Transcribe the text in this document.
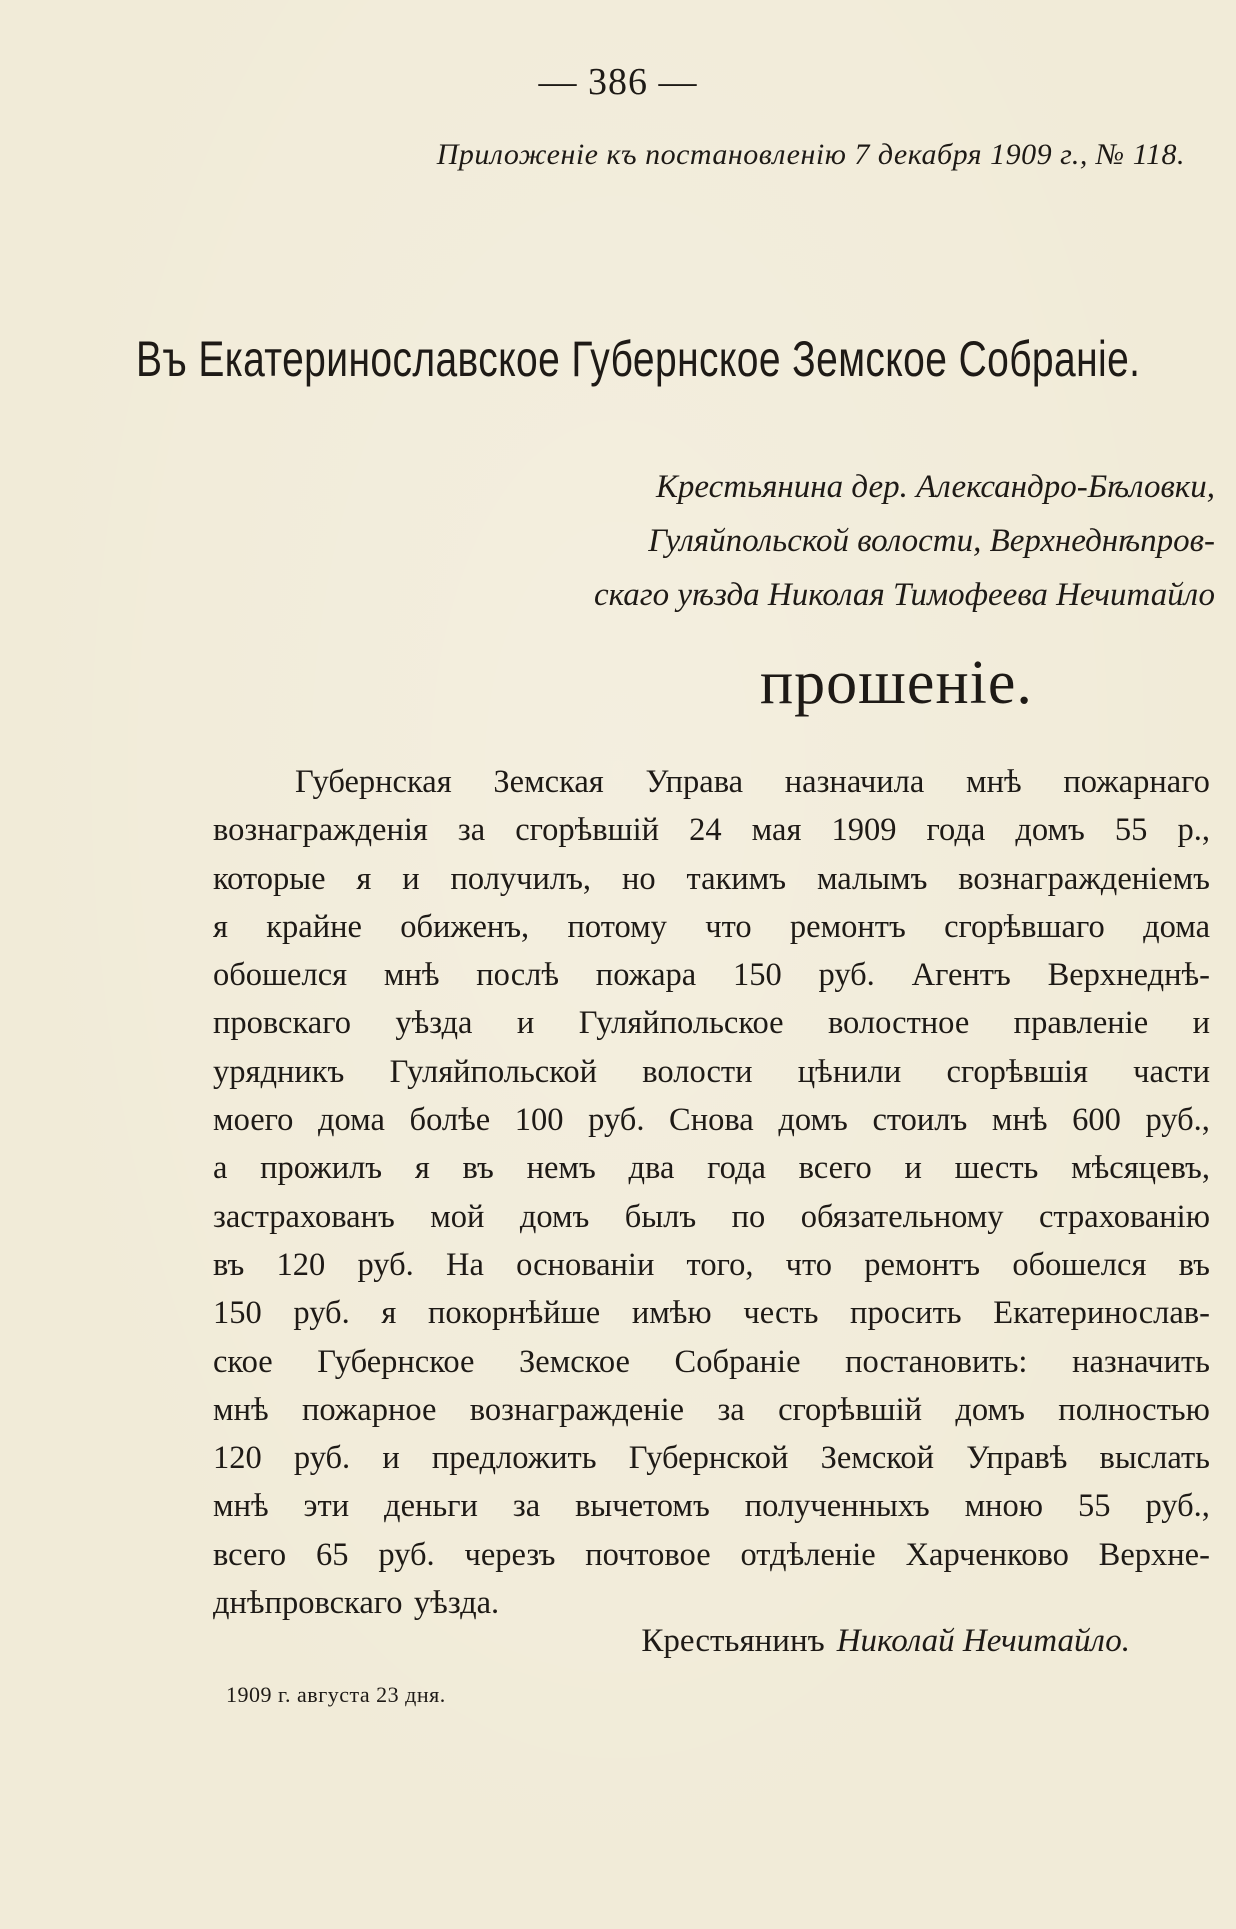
— 386 —
Приложеніе къ постановленію 7 декабря 1909 г., № 118.
Въ Екатеринославское Губернское Земское Собраніе.
Крестьянина дер. Александро-Бѣловки,
Гуляйпольской волости, Верхнеднѣпров-
скаго уѣзда Николая Тимофеева Нечитайло
прошеніе.
Губернская Земская Управа назначила мнѣ пожарнаго
вознагражденія за сгорѣвшій 24 мая 1909 года домъ 55 р.,
которые я и получилъ, но такимъ малымъ вознагражденіемъ
я крайне обиженъ, потому что ремонтъ сгорѣвшаго дома
обошелся мнѣ послѣ пожара 150 руб. Агентъ Верхнеднѣ-
провскаго уѣзда и Гуляйпольское волостное правленіе и
урядникъ Гуляйпольской волости цѣнили сгорѣвшія части
моего дома болѣе 100 руб. Снова домъ стоилъ мнѣ 600 руб.,
а прожилъ я въ немъ два года всего и шесть мѣсяцевъ,
застрахованъ мой домъ былъ по обязательному страхованію
въ 120 руб. На основаніи того, что ремонтъ обошелся въ
150 руб. я покорнѣйше имѣю честь просить Екатеринослав-
ское Губернское Земское Собраніе постановить: назначить
мнѣ пожарное вознагражденіе за сгорѣвшій домъ полностью
120 руб. и предложить Губернской Земской Управѣ выслать
мнѣ эти деньги за вычетомъ полученныхъ мною 55 руб.,
всего 65 руб. черезъ почтовое отдѣленіе Харченково Верхне-
днѣпровскаго уѣзда.
Крестьянинъ Николай Нечитайло.
1909 г. августа 23 дня.
